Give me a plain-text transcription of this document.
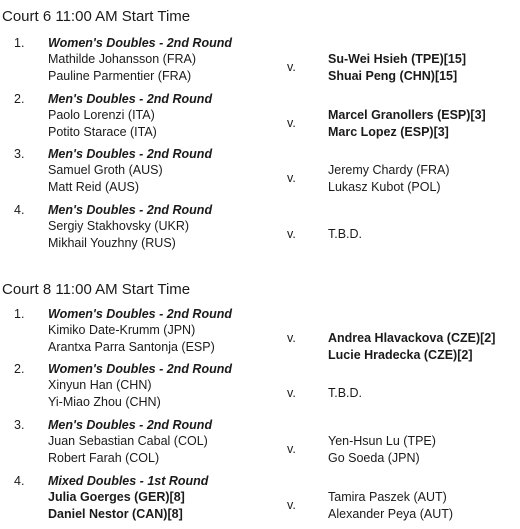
Court 6 11:00 AM Start Time
1. Women's Doubles - 2nd Round
Mathilde Johansson (FRA)
Pauline Parmentier (FRA)
v.
Su-Wei Hsieh (TPE)[15]
Shuai Peng (CHN)[15]
2. Men's Doubles - 2nd Round
Paolo Lorenzi (ITA)
Potito Starace (ITA)
v.
Marcel Granollers (ESP)[3]
Marc Lopez (ESP)[3]
3. Men's Doubles - 2nd Round
Samuel Groth (AUS)
Matt Reid (AUS)
v.
Jeremy Chardy (FRA)
Lukasz Kubot (POL)
4. Men's Doubles - 2nd Round
Sergiy Stakhovsky (UKR)
Mikhail Youzhny (RUS)
v.	T.B.D.
Court 8 11:00 AM Start Time
1. Women's Doubles - 2nd Round
Kimiko Date-Krumm (JPN)
Arantxa Parra Santonja (ESP)
v.	Andrea Hlavackova (CZE)[2]
Lucie Hradecka (CZE)[2]
2. Women's Doubles - 2nd Round
Xinyun Han (CHN)
Yi-Miao Zhou (CHN)
v.	T.B.D.
3. Men's Doubles - 2nd Round
Juan Sebastian Cabal (COL)
Robert Farah (COL)
v.
Yen-Hsun Lu (TPE)
Go Soeda (JPN)
4. Mixed Doubles - 1st Round
Julia Goerges (GER)[8]
Daniel Nestor (CAN)[8]
v.
Tamira Paszek (AUT)
Alexander Peya (AUT)
